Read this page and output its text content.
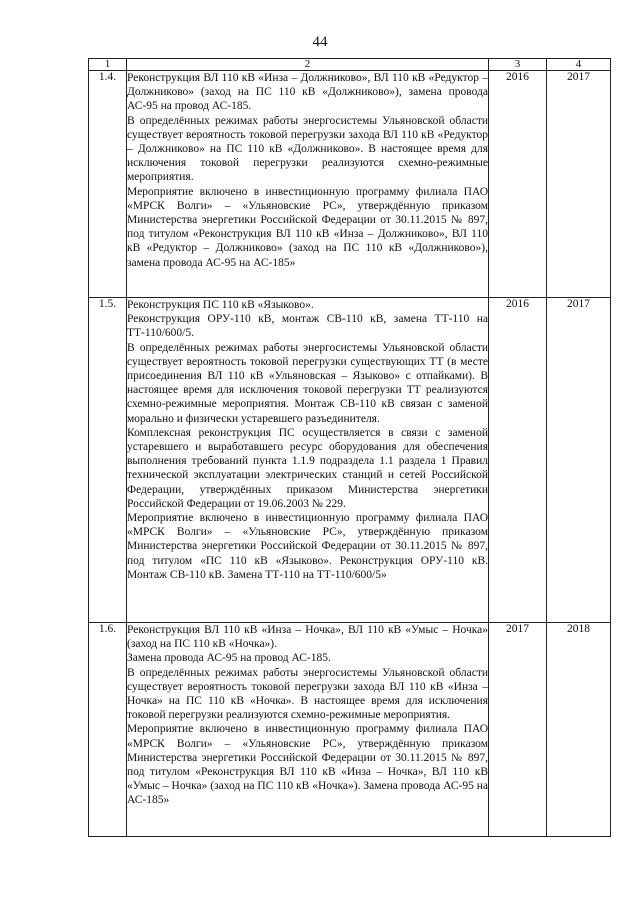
44
1	2	3	4
1.4.	Реконструкция ВЛ 110 кВ «Инза – Должниково», ВЛ 110 кВ «Редуктор – Должниково» (заход на ПС 110 кВ «Должниково»), замена провода АС-95 на провод АС-185.

В определённых режимах работы энергосистемы Ульяновской области существует вероятность токовой перегрузки захода ВЛ 110 кВ «Редуктор – Должниково» на ПС 110 кВ «Должниково». В настоящее время для исключения токовой перегрузки реализуются схемно-режимные мероприятия.

Мероприятие включено в инвестиционную программу филиала ПАО «МРСК Волги» – «Ульяновские РС», утверждённую приказом Министерства энергетики Российской Федерации от 30.11.2015 № 897, под титулом «Реконструкция ВЛ 110 кВ «Инза – Должниково», ВЛ 110 кВ «Редуктор – Должниково» (заход на ПС 110 кВ «Должниково»), замена провода АС-95 на АС-185»	2016	2017
1.5.	Реконструкция ПС 110 кВ «Языково».

Реконструкция ОРУ-110 кВ, монтаж СВ-110 кВ, замена ТТ-110 на ТТ-110/600/5.

В определённых режимах работы энергосистемы Ульяновской области существует вероятность токовой перегрузки существующих ТТ (в месте присоединения ВЛ 110 кВ «Ульяновская – Языково» с отпайками). В настоящее время для исключения токовой перегрузки ТТ реализуются схемно-режимные мероприятия. Монтаж СВ-110 кВ связан с заменой морально и физически устаревшего разъединителя.

Комплексная реконструкция ПС осуществляется в связи с заменой устаревшего и выработавшего ресурс оборудования для обеспечения выполнения требований пункта 1.1.9 подраздела 1.1 раздела 1 Правил технической эксплуатации электрических станций и сетей Российской Федерации, утверждённых приказом Министерства энергетики Российской Федерации от 19.06.2003 № 229.

Мероприятие включено в инвестиционную программу филиала ПАО «МРСК Волги» – «Ульяновские РС», утверждённую приказом Министерства энергетики Российской Федерации от 30.11.2015 № 897, под титулом «ПС 110 кВ «Языково». Реконструкция ОРУ-110 кВ. Монтаж СВ-110 кВ. Замена ТТ-110 на ТТ-110/600/5»	2016	2017
1.6.	Реконструкция ВЛ 110 кВ «Инза – Ночка», ВЛ 110 кВ «Умыс – Ночка» (заход на ПС 110 кВ «Ночка»).

Замена провода АС-95 на провод АС-185.

В определённых режимах работы энергосистемы Ульяновской области существует вероятность токовой перегрузки захода ВЛ 110 кВ «Инза – Ночка» на ПС 110 кВ «Ночка». В настоящее время для исключения токовой перегрузки реализуются схемно-режимные мероприятия.

Мероприятие включено в инвестиционную программу филиала ПАО «МРСК Волги» – «Ульяновские РС», утверждённую приказом Министерства энергетики Российской Федерации от 30.11.2015 № 897, под титулом «Реконструкция ВЛ 110 кВ «Инза – Ночка», ВЛ 110 кВ «Умыс – Ночка» (заход на ПС 110 кВ «Ночка»). Замена провода АС-95 на АС-185»	2017	2018
